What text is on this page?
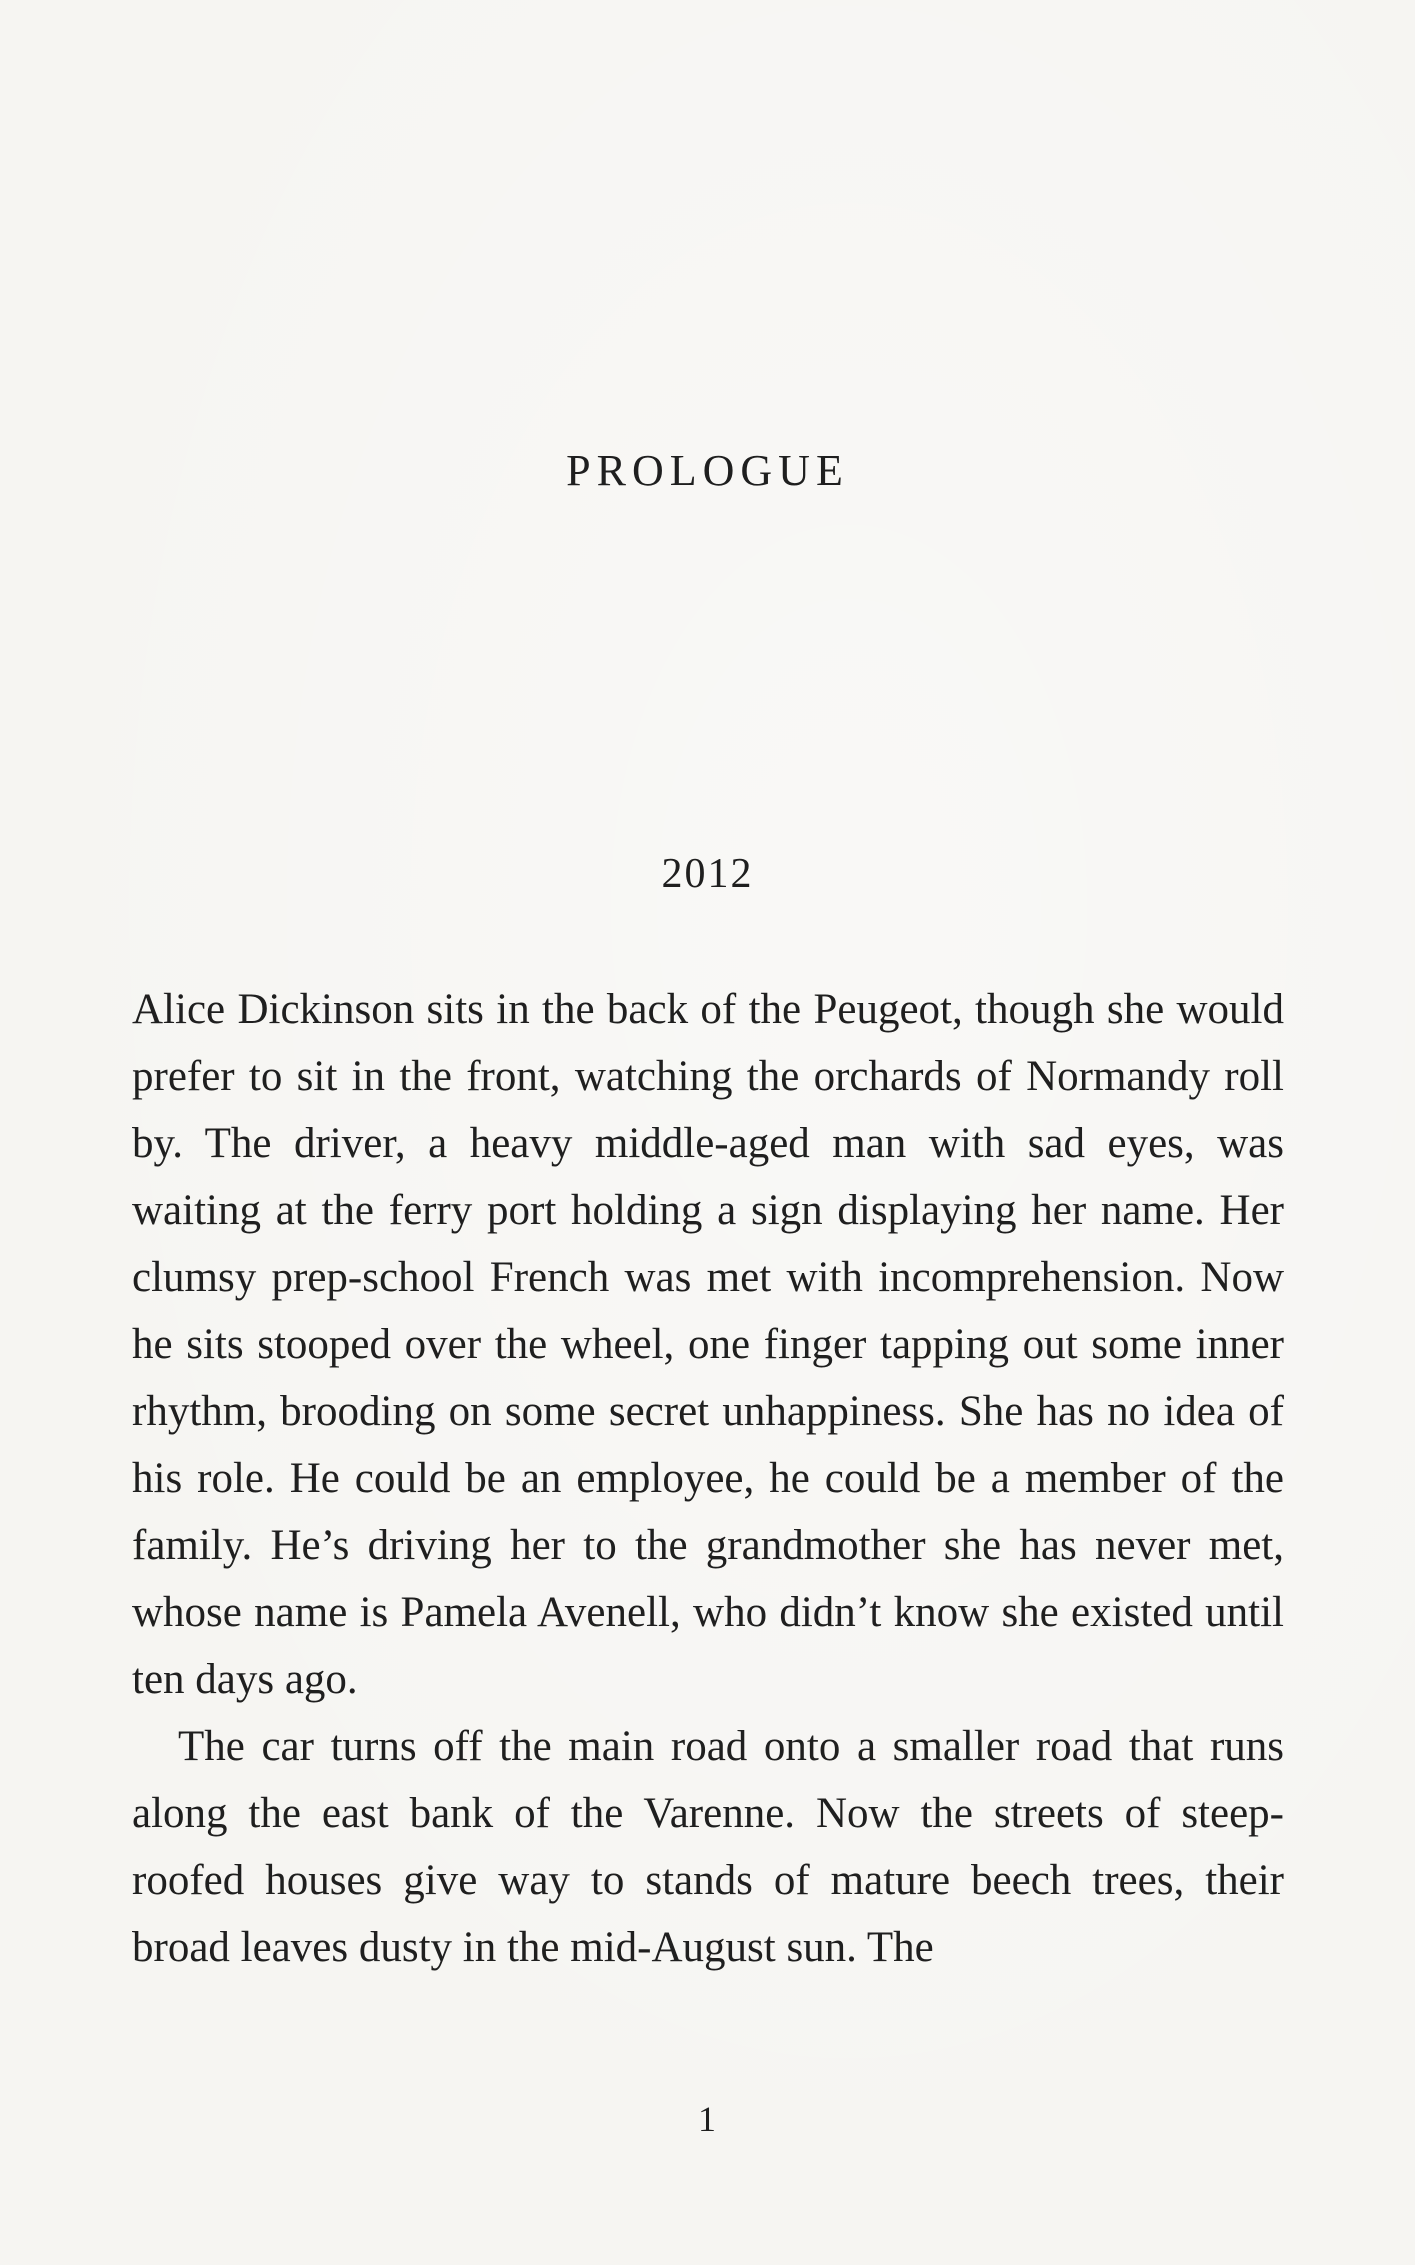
PROLOGUE
2012

Alice Dickinson sits in the back of the Peugeot, though she would prefer to sit in the front, watching the orchards of Normandy roll by. The driver, a heavy middle-aged man with sad eyes, was waiting at the ferry port holding a sign displaying her name. Her clumsy prep-school French was met with incomprehension. Now he sits stooped over the wheel, one finger tapping out some inner rhythm, brooding on some secret unhappiness. She has no idea of his role. He could be an employee, he could be a member of the family. He’s driving her to the grandmother she has never met, whose name is Pamela Avenell, who didn’t know she existed until ten days ago.

The car turns off the main road onto a smaller road that runs along the east bank of the Varenne. Now the streets of steep-roofed houses give way to stands of mature beech trees, their broad leaves dusty in the mid-August sun. The

1
